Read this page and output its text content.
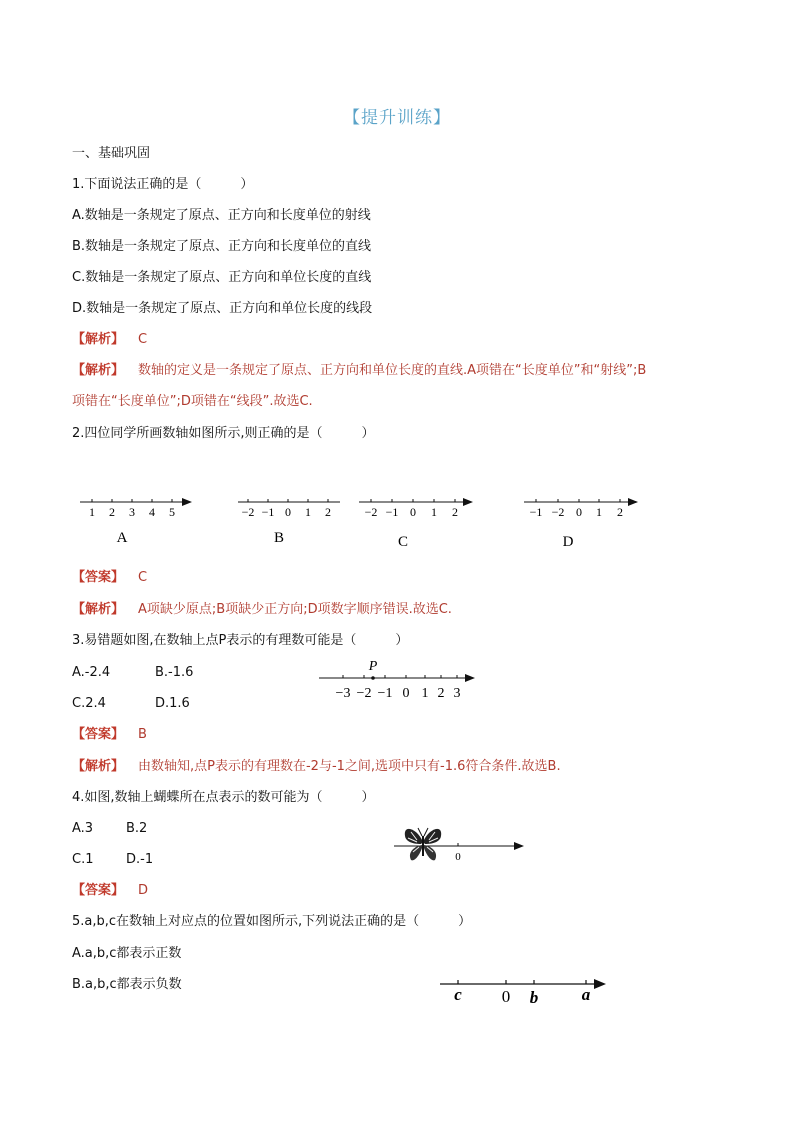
【提升训练】
一、基础巩固
1.下面说法正确的是（　　　）
A.数轴是一条规定了原点、正方向和长度单位的射线
B.数轴是一条规定了原点、正方向和长度单位的直线
C.数轴是一条规定了原点、正方向和单位长度的直线
D.数轴是一条规定了原点、正方向和单位长度的线段
【解析】 C
【解析】 数轴的定义是一条规定了原点、正方向和单位长度的直线.A项错在“长度单位”和“射线”;B
项错在“长度单位”;D项错在“线段”.故选C.
2.四位同学所画数轴如图所示,则正确的是（　　　）
1 2 3 4 5
A
−2 −1 0 1 2
B
−2 −1 0 1 2
C
−1 −2 0 1 2
D
【答案】 C
【解析】 A项缺少原点;B项缺少正方向;D项数字顺序错误.故选C.
3.易错题如图,在数轴上点P表示的有理数可能是（　　　）
A.-2.4	B.-1.6
C.2.4	D.1.6
P
−3 −2 −1 0 1 2 3
【答案】 B
【解析】 由数轴知,点P表示的有理数在-2与-1之间,选项中只有-1.6符合条件.故选B.
4.如图,数轴上蝴蝶所在点表示的数可能为（　　　）
A.3	B.2
C.1	D.-1	0
【答案】 D
5.a,b,c在数轴上对应点的位置如图所示,下列说法正确的是（　　　）
A.a,b,c都表示正数
B.a,b,c都表示负数
c 0 b	a
